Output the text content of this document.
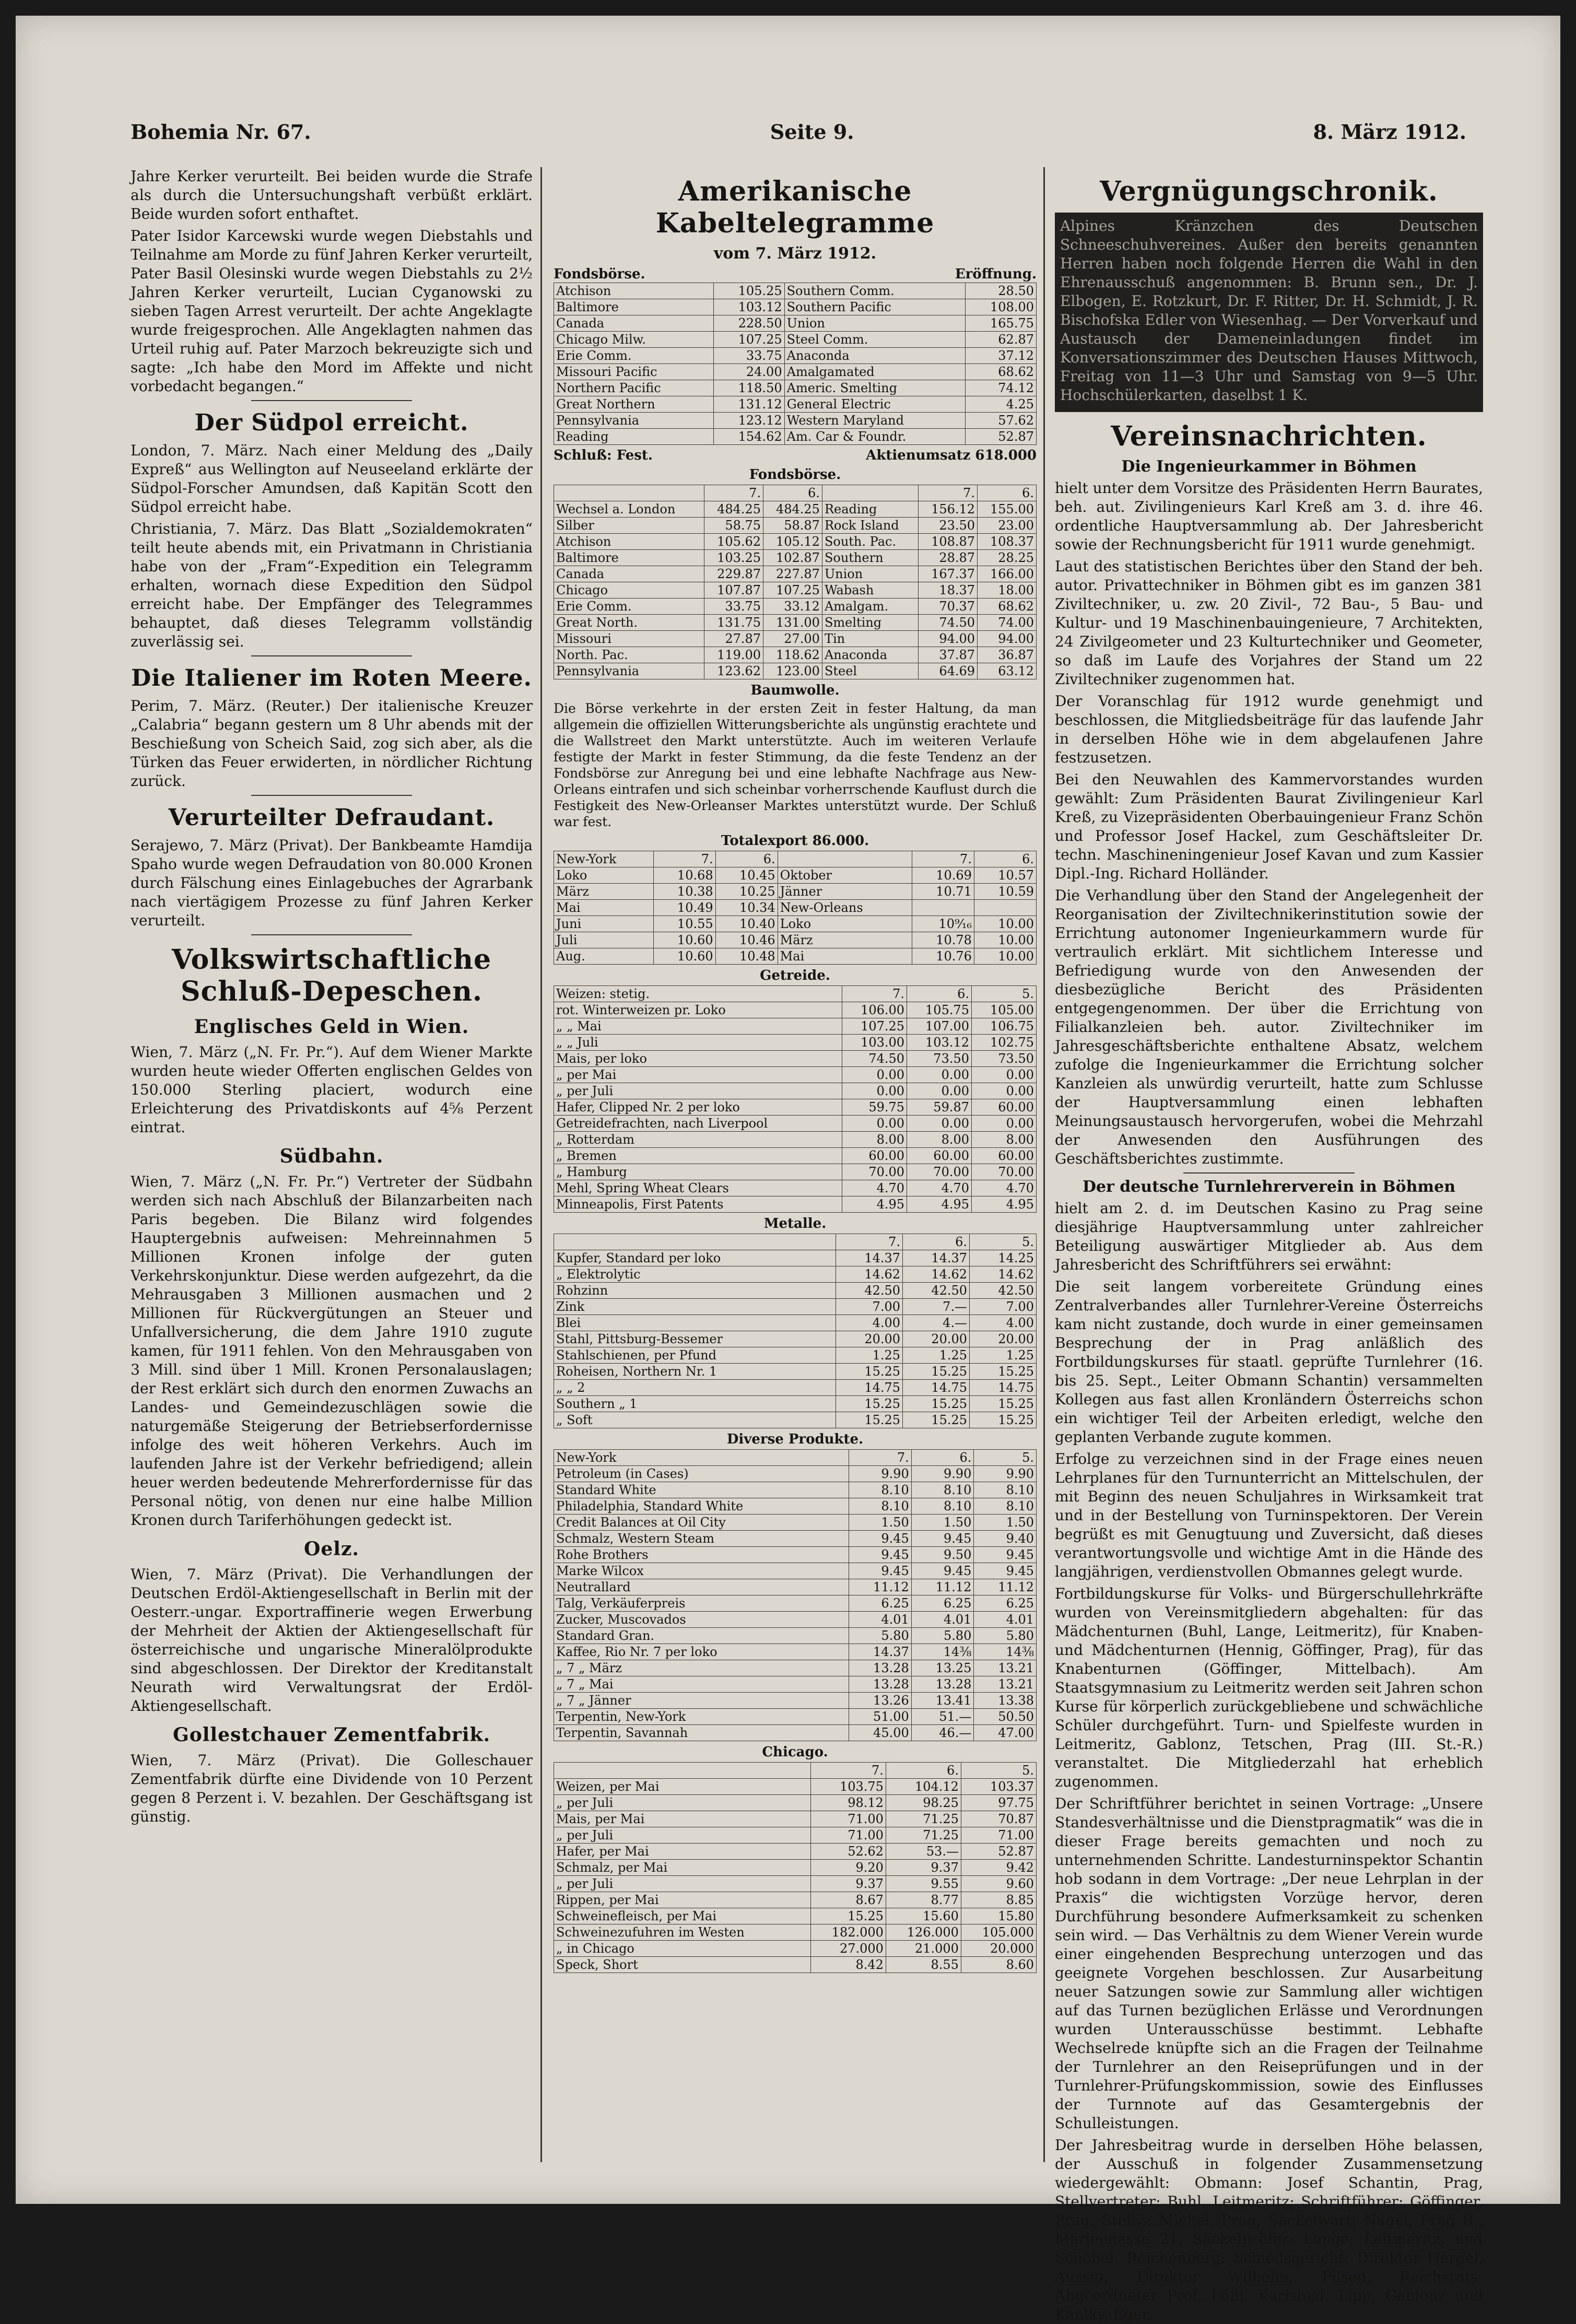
Bohemia Nr. 67.	Seite 9.	8. März 1912.

Jahre Kerker verurteilt. Bei beiden wurde die Strafe als durch die Untersuchungshaft verbüßt erklärt. Beide wurden sofort enthaftet.

Pater Isidor Karcewski wurde wegen Diebstahls und Teilnahme am Morde zu fünf Jahren Kerker verurteilt, Pater Basil Olesinski wurde wegen Diebstahls zu 2½ Jahren Kerker verurteilt, Lucian Cyganowski zu sieben Tagen Arrest verurteilt. Der achte Angeklagte wurde freigesprochen. Alle Angeklagten nahmen das Urteil ruhig auf. Pater Marzoch bekreuzigte sich und sagte: „Ich habe den Mord im Affekte und nicht vorbedacht begangen.“

Der Südpol erreicht.

London, 7. März. Nach einer Meldung des „Daily Expreß“ aus Wellington auf Neuseeland erklärte der Südpol-Forscher Amundsen, daß Kapitän Scott den Südpol erreicht habe.

Christiania, 7. März. Das Blatt „Sozialdemokraten“ teilt heute abends mit, ein Privatmann in Christiania habe von der „Fram“-Expedition ein Telegramm erhalten, wornach diese Expedition den Südpol erreicht habe. Der Empfänger des Telegrammes behauptet, daß dieses Telegramm vollständig zuverlässig sei.

Die Italiener im Roten Meere.

Perim, 7. März. (Reuter.) Der italienische Kreuzer „Calabria“ begann gestern um 8 Uhr abends mit der Beschießung von Scheich Said, zog sich aber, als die Türken das Feuer erwiderten, in nördlicher Richtung zurück.

Verurteilter Defraudant.

Serajewo, 7. März (Privat). Der Bankbeamte Hamdija Spaho wurde wegen Defraudation von 80.000 Kronen durch Fälschung eines Einlagebuches der Agrarbank nach viertägigem Prozesse zu fünf Jahren Kerker verurteilt.

Volkswirtschaftliche Schluß-Depeschen.
Englisches Geld in Wien.

Wien, 7. März („N. Fr. Pr.“). Auf dem Wiener Markte wurden heute wieder Offerten englischen Geldes von 150.000 Sterling placiert, wodurch eine Erleichterung des Privatdiskonts auf 4⅝ Perzent eintrat.

Südbahn.

Wien, 7. März („N. Fr. Pr.“) Vertreter der Südbahn werden sich nach Abschluß der Bilanzarbeiten nach Paris begeben. Die Bilanz wird folgendes Hauptergebnis aufweisen: Mehreinnahmen 5 Millionen Kronen infolge der guten Verkehrskonjunktur. Diese werden aufgezehrt, da die Mehrausgaben 3 Millionen ausmachen und 2 Millionen für Rückvergütungen an Steuer und Unfallversicherung, die dem Jahre 1910 zugute kamen, für 1911 fehlen. Von den Mehrausgaben von 3 Mill. sind über 1 Mill. Kronen Personalauslagen; der Rest erklärt sich durch den enormen Zuwachs an Landes- und Gemeindezuschlägen sowie die naturgemäße Steigerung der Betriebserfordernisse infolge des weit höheren Verkehrs. Auch im laufenden Jahre ist der Verkehr befriedigend; allein heuer werden bedeutende Mehrerfordernisse für das Personal nötig, von denen nur eine halbe Million Kronen durch Tariferhöhungen gedeckt ist.

Oelz.

Wien, 7. März (Privat). Die Verhandlungen der Deutschen Erdöl-Aktiengesellschaft in Berlin mit der Oesterr.-ungar. Exportraffinerie wegen Erwerbung der Mehrheit der Aktien der Aktiengesellschaft für österreichische und ungarische Mineralölprodukte sind abgeschlossen. Der Direktor der Kreditanstalt Neurath wird Verwaltungsrat der Erdöl-Aktiengesellschaft.

Gollestchauer Zementfabrik.

Wien, 7. März (Privat). Die Golleschauer Zementfabrik dürfte eine Dividende von 10 Perzent gegen 8 Perzent i. V. bezahlen. Der Geschäftsgang ist günstig.

Amerikanische Kabeltelegramme
vom 7. März 1912.
Fondsbörse.	Eröffnung.
Atchison	105.25	Southern Comm.	28.50
Baltimore	103.12	Southern Pacific	108.00
Canada	228.50	Union	165.75
Chicago Milw.	107.25	Steel Comm.	62.87
Erie Comm.	33.75	Anaconda	37.12
Missouri Pacific	24.00	Amalgamated	68.62
Northern Pacific	118.50	Americ. Smelting	74.12
Great Northern	131.12	General Electric	4.25
Pennsylvania	123.12	Western Maryland	57.62
Reading	154.62	Am. Car & Foundr.	52.87
Schluß: Fest.	Aktienumsatz 618.000
Fondsbörse.
	7.	6.		7.	6.
Wechsel a. London	484.25	484.25	Reading	156.12	155.00
Silber	58.75	58.87	Rock Island	23.50	23.00
Atchison	105.62	105.12	South. Pac.	108.87	108.37
Baltimore	103.25	102.87	Southern	28.87	28.25
Canada	229.87	227.87	Union	167.37	166.00
Chicago	107.87	107.25	Wabash	18.37	18.00
Erie Comm.	33.75	33.12	Amalgam.	70.37	68.62
Great North.	131.75	131.00	Smelting	74.50	74.00
Missouri	27.87	27.00	Tin	94.00	94.00
North. Pac.	119.00	118.62	Anaconda	37.87	36.87
Pennsylvania	123.62	123.00	Steel	64.69	63.12
Baumwolle.

Die Börse verkehrte in der ersten Zeit in fester Haltung, da man allgemein die offiziellen Witterungsberichte als ungünstig erachtete und die Wallstreet den Markt unterstützte. Auch im weiteren Verlaufe festigte der Markt in fester Stimmung, da die feste Tendenz an der Fondsbörse zur Anregung bei und eine lebhafte Nachfrage aus New-Orleans eintrafen und sich scheinbar vorherrschende Kauflust durch die Festigkeit des New-Orleanser Marktes unterstützt wurde. Der Schluß war fest.

Totalexport 86.000.
New-York	7.	6.		7.	6.
Loko	10.68	10.45	Oktober	10.69	10.57
März	10.38	10.25	Jänner	10.71	10.59
Mai	10.49	10.34	New-Orleans		
Juni	10.55	10.40	Loko	10⁹⁄₁₆	10.00
Juli	10.60	10.46	März	10.78	10.00
Aug.	10.60	10.48	Mai	10.76	10.00
Getreide.
Weizen: stetig.	7.	6.	5.
rot. Winterweizen pr. Loko	106.00	105.75	105.00
„ „ Mai	107.25	107.00	106.75
„ „ Juli	103.00	103.12	102.75
Mais, per loko	74.50	73.50	73.50
„ per Mai	0.00	0.00	0.00
„ per Juli	0.00	0.00	0.00
Hafer, Clipped Nr. 2 per loko	59.75	59.87	60.00
Getreidefrachten, nach Liverpool	0.00	0.00	0.00
„ Rotterdam	8.00	8.00	8.00
„ Bremen	60.00	60.00	60.00
„ Hamburg	70.00	70.00	70.00
Mehl, Spring Wheat Clears	4.70	4.70	4.70
Minneapolis, First Patents	4.95	4.95	4.95
Metalle.
	7.	6.	5.
Kupfer, Standard per loko	14.37	14.37	14.25
„ Elektrolytic	14.62	14.62	14.62
Rohzinn	42.50	42.50	42.50
Zink	7.00	7.—	7.00
Blei	4.00	4.—	4.00
Stahl, Pittsburg-Bessemer	20.00	20.00	20.00
Stahlschienen, per Pfund	1.25	1.25	1.25
Roheisen, Northern Nr. 1	15.25	15.25	15.25
„ „ 2	14.75	14.75	14.75
Southern „ 1	15.25	15.25	15.25
„ Soft	15.25	15.25	15.25
Diverse Produkte.
New-York	7.	6.	5.
Petroleum (in Cases)	9.90	9.90	9.90
Standard White	8.10	8.10	8.10
Philadelphia, Standard White	8.10	8.10	8.10
Credit Balances at Oil City	1.50	1.50	1.50
Schmalz, Western Steam	9.45	9.45	9.40
Rohe Brothers	9.45	9.50	9.45
Marke Wilcox	9.45	9.45	9.45
Neutrallard	11.12	11.12	11.12
Talg, Verkäuferpreis	6.25	6.25	6.25
Zucker, Muscovados	4.01	4.01	4.01
Standard Gran.	5.80	5.80	5.80
Kaffee, Rio Nr. 7 per loko	14.37	14⅜	14⅜
„ 7 „ März	13.28	13.25	13.21
„ 7 „ Mai	13.28	13.28	13.21
„ 7 „ Jänner	13.26	13.41	13.38
Terpentin, New-York	51.00	51.—	50.50
Terpentin, Savannah	45.00	46.—	47.00
Chicago.
	7.	6.	5.
Weizen, per Mai	103.75	104.12	103.37
„ per Juli	98.12	98.25	97.75
Mais, per Mai	71.00	71.25	70.87
„ per Juli	71.00	71.25	71.00
Hafer, per Mai	52.62	53.—	52.87
Schmalz, per Mai	9.20	9.37	9.42
„ per Juli	9.37	9.55	9.60
Rippen, per Mai	8.67	8.77	8.85
Schweinefleisch, per Mai	15.25	15.60	15.80
Schweinezufuhren im Westen	182.000	126.000	105.000
„ in Chicago	27.000	21.000	20.000
Speck, Short	8.42	8.55	8.60
Vergnügungschronik.

Alpines Kränzchen des Deutschen Schneeschuhvereines. Außer den bereits genannten Herren haben noch folgende Herren die Wahl in den Ehrenausschuß angenommen: B. Brunn sen., Dr. J. Elbogen, E. Rotzkurt, Dr. F. Ritter, Dr. H. Schmidt, J. R. Bischofska Edler von Wiesenhag. — Der Vorverkauf und Austausch der Dameneinladungen findet im Konversationszimmer des Deutschen Hauses Mittwoch, Freitag von 11—3 Uhr und Samstag von 9—5 Uhr. Hochschülerkarten, daselbst 1 K.

Vereinsnachrichten.
Die Ingenieurkammer in Böhmen

hielt unter dem Vorsitze des Präsidenten Herrn Baurates, beh. aut. Zivilingenieurs Karl Kreß am 3. d. ihre 46. ordentliche Hauptversammlung ab. Der Jahresbericht sowie der Rechnungsbericht für 1911 wurde genehmigt.

Laut des statistischen Berichtes über den Stand der beh. autor. Privattechniker in Böhmen gibt es im ganzen 381 Ziviltechniker, u. zw. 20 Zivil-, 72 Bau-, 5 Bau- und Kultur- und 19 Maschinenbauingenieure, 7 Architekten, 24 Zivilgeometer und 23 Kulturtechniker und Geometer, so daß im Laufe des Vorjahres der Stand um 22 Ziviltechniker zugenommen hat.

Der Voranschlag für 1912 wurde genehmigt und beschlossen, die Mitgliedsbeiträge für das laufende Jahr in derselben Höhe wie in dem abgelaufenen Jahre festzusetzen.

Bei den Neuwahlen des Kammervorstandes wurden gewählt: Zum Präsidenten Baurat Zivilingenieur Karl Kreß, zu Vizepräsidenten Oberbauingenieur Franz Schön und Professor Josef Hackel, zum Geschäftsleiter Dr. techn. Maschineningenieur Josef Kavan und zum Kassier Dipl.-Ing. Richard Holländer.

Die Verhandlung über den Stand der Angelegenheit der Reorganisation der Ziviltechnikerinstitution sowie der Errichtung autonomer Ingenieurkammern wurde für vertraulich erklärt. Mit sichtlichem Interesse und Befriedigung wurde von den Anwesenden der diesbezügliche Bericht des Präsidenten entgegengenommen. Der über die Errichtung von Filialkanzleien beh. autor. Ziviltechniker im Jahresgeschäftsberichte enthaltene Absatz, welchem zufolge die Ingenieurkammer die Errichtung solcher Kanzleien als unwürdig verurteilt, hatte zum Schlusse der Hauptversammlung einen lebhaften Meinungsaustausch hervorgerufen, wobei die Mehrzahl der Anwesenden den Ausführungen des Geschäftsberichtes zustimmte.

Der deutsche Turnlehrerverein in Böhmen

hielt am 2. d. im Deutschen Kasino zu Prag seine diesjährige Hauptversammlung unter zahlreicher Beteiligung auswärtiger Mitglieder ab. Aus dem Jahresbericht des Schriftführers sei erwähnt:

Die seit langem vorbereitete Gründung eines Zentralverbandes aller Turnlehrer-Vereine Österreichs kam nicht zustande, doch wurde in einer gemeinsamen Besprechung der in Prag anläßlich des Fortbildungskurses für staatl. geprüfte Turnlehrer (16. bis 25. Sept., Leiter Obmann Schantin) versammelten Kollegen aus fast allen Kronländern Österreichs schon ein wichtiger Teil der Arbeiten erledigt, welche den geplanten Verbande zugute kommen.

Erfolge zu verzeichnen sind in der Frage eines neuen Lehrplanes für den Turnunterricht an Mittelschulen, der mit Beginn des neuen Schuljahres in Wirksamkeit trat und in der Bestellung von Turninspektoren. Der Verein begrüßt es mit Genugtuung und Zuversicht, daß dieses verantwortungsvolle und wichtige Amt in die Hände des langjährigen, verdienstvollen Obmannes gelegt wurde.

Fortbildungskurse für Volks- und Bürgerschullehrkräfte wurden von Vereinsmitgliedern abgehalten: für das Mädchenturnen (Buhl, Lange, Leitmeritz), für Knaben- und Mädchenturnen (Hennig, Göffinger, Prag), für das Knabenturnen (Göffinger, Mittelbach). Am Staatsgymnasium zu Leitmeritz werden seit Jahren schon Kurse für körperlich zurückgebliebene und schwächliche Schüler durchgeführt. Turn- und Spielfeste wurden in Leitmeritz, Gablonz, Tetschen, Prag (III. St.-R.) veranstaltet. Die Mitgliederzahl hat erheblich zugenommen.

Der Schriftführer berichtet in seinen Vortrage: „Unsere Standesverhältnisse und die Dienstpragmatik“ was die in dieser Frage bereits gemachten und noch zu unternehmenden Schritte. Landesturninspektor Schantin hob sodann in dem Vortrage: „Der neue Lehrplan in der Praxis“ die wichtigsten Vorzüge hervor, deren Durchführung besondere Aufmerksamkeit zu schenken sein wird. — Das Verhältnis zu dem Wiener Verein wurde einer eingehenden Besprechung unterzogen und das geeignete Vorgehen beschlossen. Zur Ausarbeitung neuer Satzungen sowie zur Sammlung aller wichtigen auf das Turnen bezüglichen Erlässe und Verordnungen wurden Unterausschüsse bestimmt. Lebhafte Wechselrede knüpfte sich an die Fragen der Teilnahme der Turnlehrer an den Reiseprüfungen und in der Turnlehrer-Prüfungskommission, sowie des Einflusses der Turnnote auf das Gesamtergebnis der Schulleistungen.

Der Jahresbeitrag wurde in derselben Höhe belassen, der Ausschuß in folgender Zusammensetzung wiedergewählt: Obmann: Josef Schantin, Prag, Stellvertreter: Buhl, Leitmeritz; Schriftführer: Göffinger, Prag, Stellv.: Michel, Prag; Säckelwart: Nagel, Prag II., Mariengasse 21, Säckelprüfer: Lange, Leitmeritz, und Schöbel, Reichenberg; Schiedsgericht: Direktor Hergel, Aussig, Direktor Wilhelm, Pilsen, Reichsrats-Abgeordneter Prof. Lößl, Karlsbad, Lipp, Gablonz und Kaulky, Eger.
